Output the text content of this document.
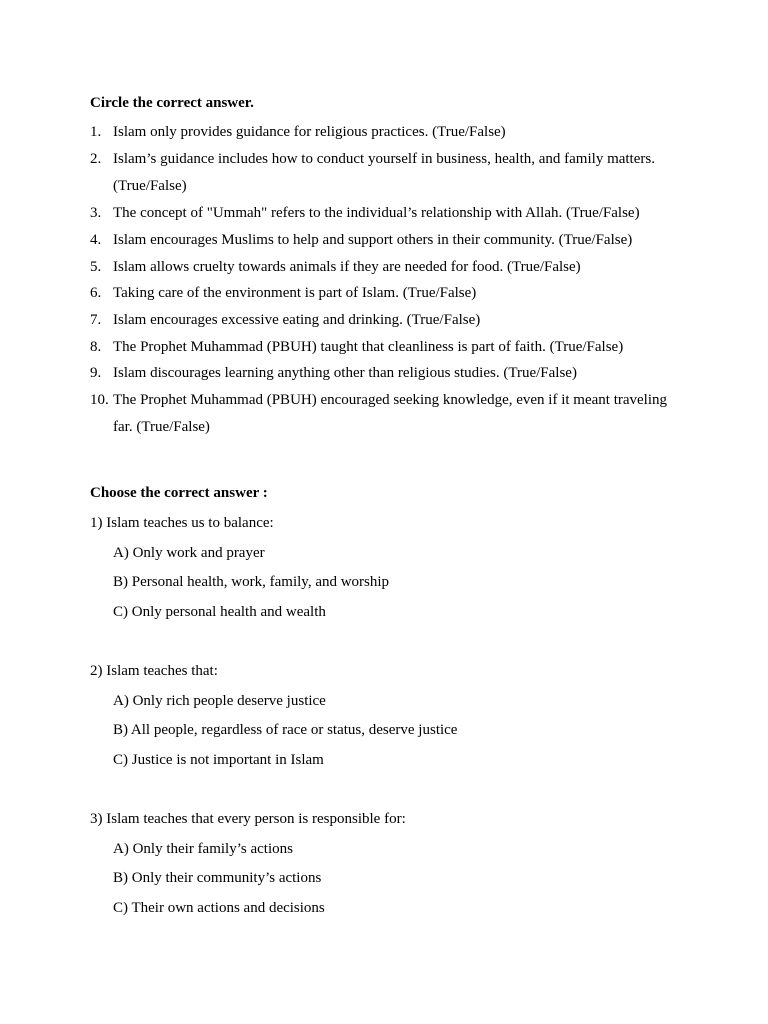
Circle the correct answer.
1. Islam only provides guidance for religious practices. (True/False)
2. Islam’s guidance includes how to conduct yourself in business, health, and family matters. (True/False)
3. The concept of "Ummah" refers to the individual’s relationship with Allah. (True/False)
4. Islam encourages Muslims to help and support others in their community. (True/False)
5. Islam allows cruelty towards animals if they are needed for food. (True/False)
6. Taking care of the environment is part of Islam. (True/False)
7. Islam encourages excessive eating and drinking. (True/False)
8. The Prophet Muhammad (PBUH) taught that cleanliness is part of faith. (True/False)
9. Islam discourages learning anything other than religious studies. (True/False)
10. The Prophet Muhammad (PBUH) encouraged seeking knowledge, even if it meant traveling far. (True/False)
Choose the correct answer :
1) Islam teaches us to balance:
A) Only work and prayer
B) Personal health, work, family, and worship
C) Only personal health and wealth
2) Islam teaches that:
A) Only rich people deserve justice
B) All people, regardless of race or status, deserve justice
C) Justice is not important in Islam
3) Islam teaches that every person is responsible for:
A) Only their family’s actions
B) Only their community’s actions
C) Their own actions and decisions
